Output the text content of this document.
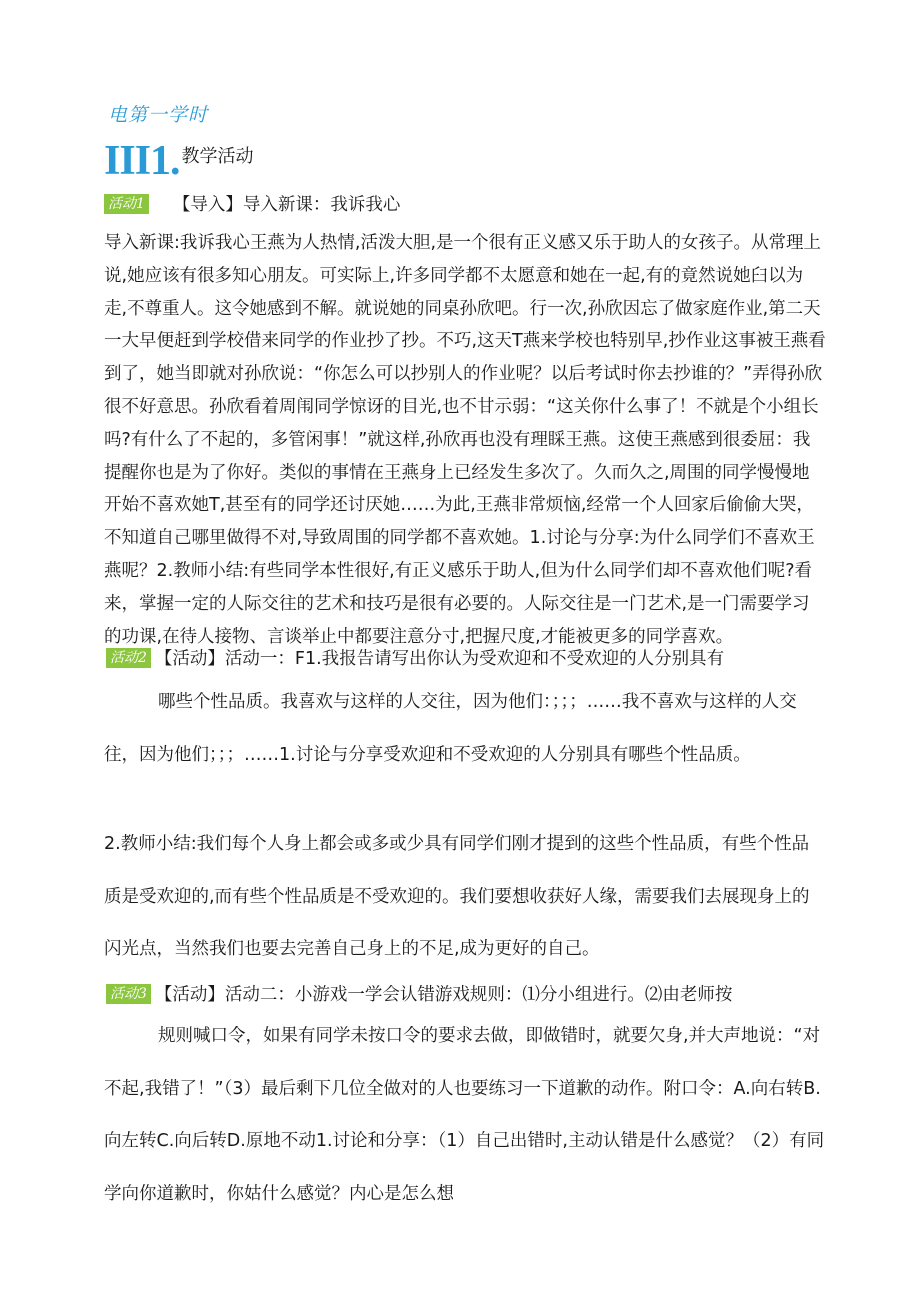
电第一学时
III1. 教学活动
活动1 【导入】导入新课：我诉我心

导入新课:我诉我心王燕为人热情,活泼大胆,是一个很有正义感又乐于助人的女孩子。从常理上说,她应该有很多知心朋友。可实际上,许多同学都不太愿意和她在一起,有的竟然说她臼以为走,不尊重人。这令她感到不解。就说她的同桌孙欣吧。行一次,孙欣因忘了做家庭作业,第二天一大早便赶到学校借来同学的作业抄了抄。不巧,这天T燕来学校也特别早,抄作业这事被王燕看到了，她当即就对孙欣说：“你怎么可以抄别人的作业呢？以后考试时你去抄谁的？”弄得孙欣很不好意思。孙欣看着周闱同学惊讶的目光,也不甘示弱：“这关你什么事了！不就是个小组长吗?有什么了不起的，多管闲事！”就这样,孙欣再也没有理睬王燕。这使王燕感到很委屈：我提醒你也是为了你好。类似的事情在王燕身上已经发生多次了。久而久之,周围的同学慢慢地开始不喜欢她T,甚至有的同学还讨厌她……为此,王燕非常烦恼,经常一个人回家后偷偷大哭，不知道自己哪里做得不对,导致周围的同学都不喜欢她。1.讨论与分享:为什么同学们不喜欢王燕呢？2.教师小结:有些同学本性很好,有正义感乐于助人,但为什么同学们却不喜欢他们呢?看来，掌握一定的人际交往的艺术和技巧是很有必要的。人际交往是一门艺术,是一门需要学习的功课,在待人接物、言谈举止中都要注意分寸,把握尺度,才能被更多的同学喜欢。

活动2 【活动】活动一：F1.我报告请写出你认为受欢迎和不受欢迎的人分别具有

哪些个性品质。我喜欢与这样的人交往，因为他们：；；；……我不喜欢与这样的人交往，因为他们；；；……1.讨论与分享受欢迎和不受欢迎的人分别具有哪些个性品质。

2.教师小结:我们每个人身上都会或多或少具有同学们刚才提到的这些个性品质，有些个性品质是受欢迎的,而有些个性品质是不受欢迎的。我们要想收获好人缘，需要我们去展现身上的闪光点，当然我们也要去完善自己身上的不足,成为更好的自己。

活动3 【活动】活动二：小游戏一学会认错游戏规则：⑴分小组进行。⑵由老师按

规则喊口令，如果有同学未按口令的要求去做，即做错时，就要欠身,并大声地说：“对不起,我错了！”（3）最后剩下几位全做对的人也要练习一下道歉的动作。附口令：A.向右转B.向左转C.向后转D.原地不动1.讨论和分享：（1）自己出错时,主动认错是什么感觉？（2）有同学向你道歉时，你姑什么感觉？内心是怎么想
